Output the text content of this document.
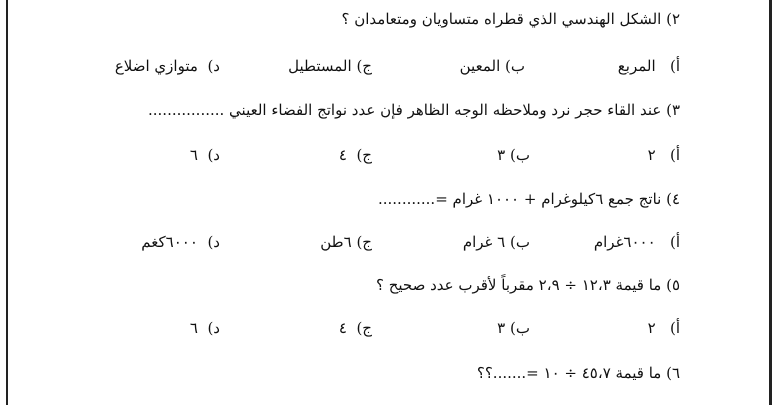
٢) الشكل الهندسي الذي قطراه متساويان ومتعامدان ؟
أ)   المربع
ب) المعين
ج) المستطيل
د)  متوازي اضلاع
٣) عند القاء حجر نرد وملاحظه الوجه الظاهر فإن عدد نواتج الفضاء العيني ................
أ)   ٢
ب) ٣
ج)  ٤
د)  ٦
٤) ناتج جمع ٦كيلوغرام + ١٠٠٠ غرام =............
أ)   ٦٠٠٠غرام
ب) ٦ غرام
ج) ٦طن
د)  ٦٠٠٠كغم
٥) ما قيمة ١٢،٣ ÷ ٢،٩ مقرباً لأقرب عدد صحيح ؟
أ)   ٢
ب) ٣
ج)  ٤
د)  ٦
٦) ما قيمة ٤٥،٧ ÷ ١٠ =.......؟؟
